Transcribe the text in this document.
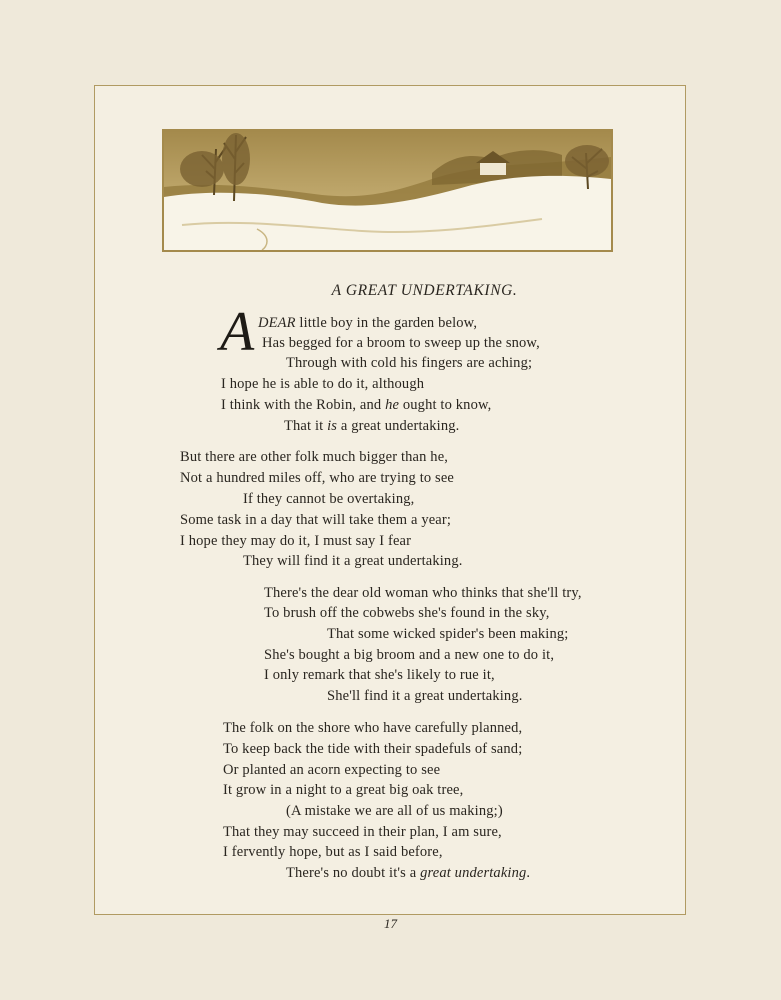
A GREAT UNDERTAKING.
A DEAR little boy in the garden below,
Has begged for a broom to sweep up the snow,
Through with cold his fingers are aching;
I hope he is able to do it, although
I think with the Robin, and he ought to know,
That it is a great undertaking.
But there are other folk much bigger than he,
Not a hundred miles off, who are trying to see
If they cannot be overtaking,
Some task in a day that will take them a year;
I hope they may do it, I must say I fear
They will find it a great undertaking.
There's the dear old woman who thinks that she'll try,
To brush off the cobwebs she's found in the sky,
That some wicked spider's been making;
She's bought a big broom and a new one to do it,
I only remark that she's likely to rue it,
She'll find it a great undertaking.
The folk on the shore who have carefully planned,
To keep back the tide with their spadefuls of sand;
Or planted an acorn expecting to see
It grow in a night to a great big oak tree,
(A mistake we are all of us making;)
That they may succeed in their plan, I am sure,
I fervently hope, but as I said before,
There's no doubt it's a great undertaking.
17
